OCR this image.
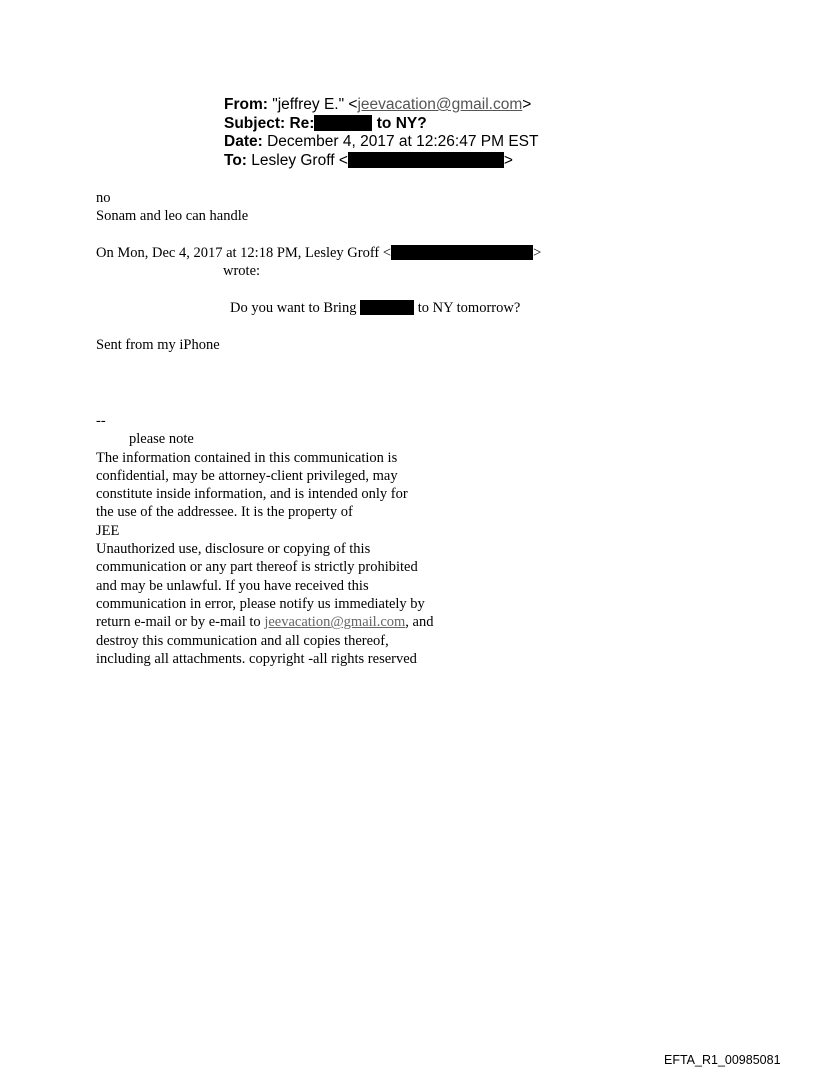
From: "jeffrey E." <jeevacation@gmail.com>
Subject: Re:	to NY?
Date: December 4, 2017 at 12:26:47 PM EST
To: Lesley Groff <	>
no
Sonam and leo can handle
On Mon, Dec 4, 2017 at 12:18 PM, Lesley Groff <	>
wrote:
Do you want to Bring	to NY tomorrow?
Sent from my iPhone
--
please note
The information contained in this communication is
confidential, may be attorney-client privileged, may
constitute inside information, and is intended only for
the use of the addressee. It is the property of
JEE
Unauthorized use, disclosure or copying of this
communication or any part thereof is strictly prohibited
and may be unlawful. If you have received this
communication in error, please notify us immediately by
return e-mail or by e-mail to jeevacation@gmail.com, and
destroy this communication and all copies thereof,
including all attachments. copyright -all rights reserved
EFTA_R1_00985081
